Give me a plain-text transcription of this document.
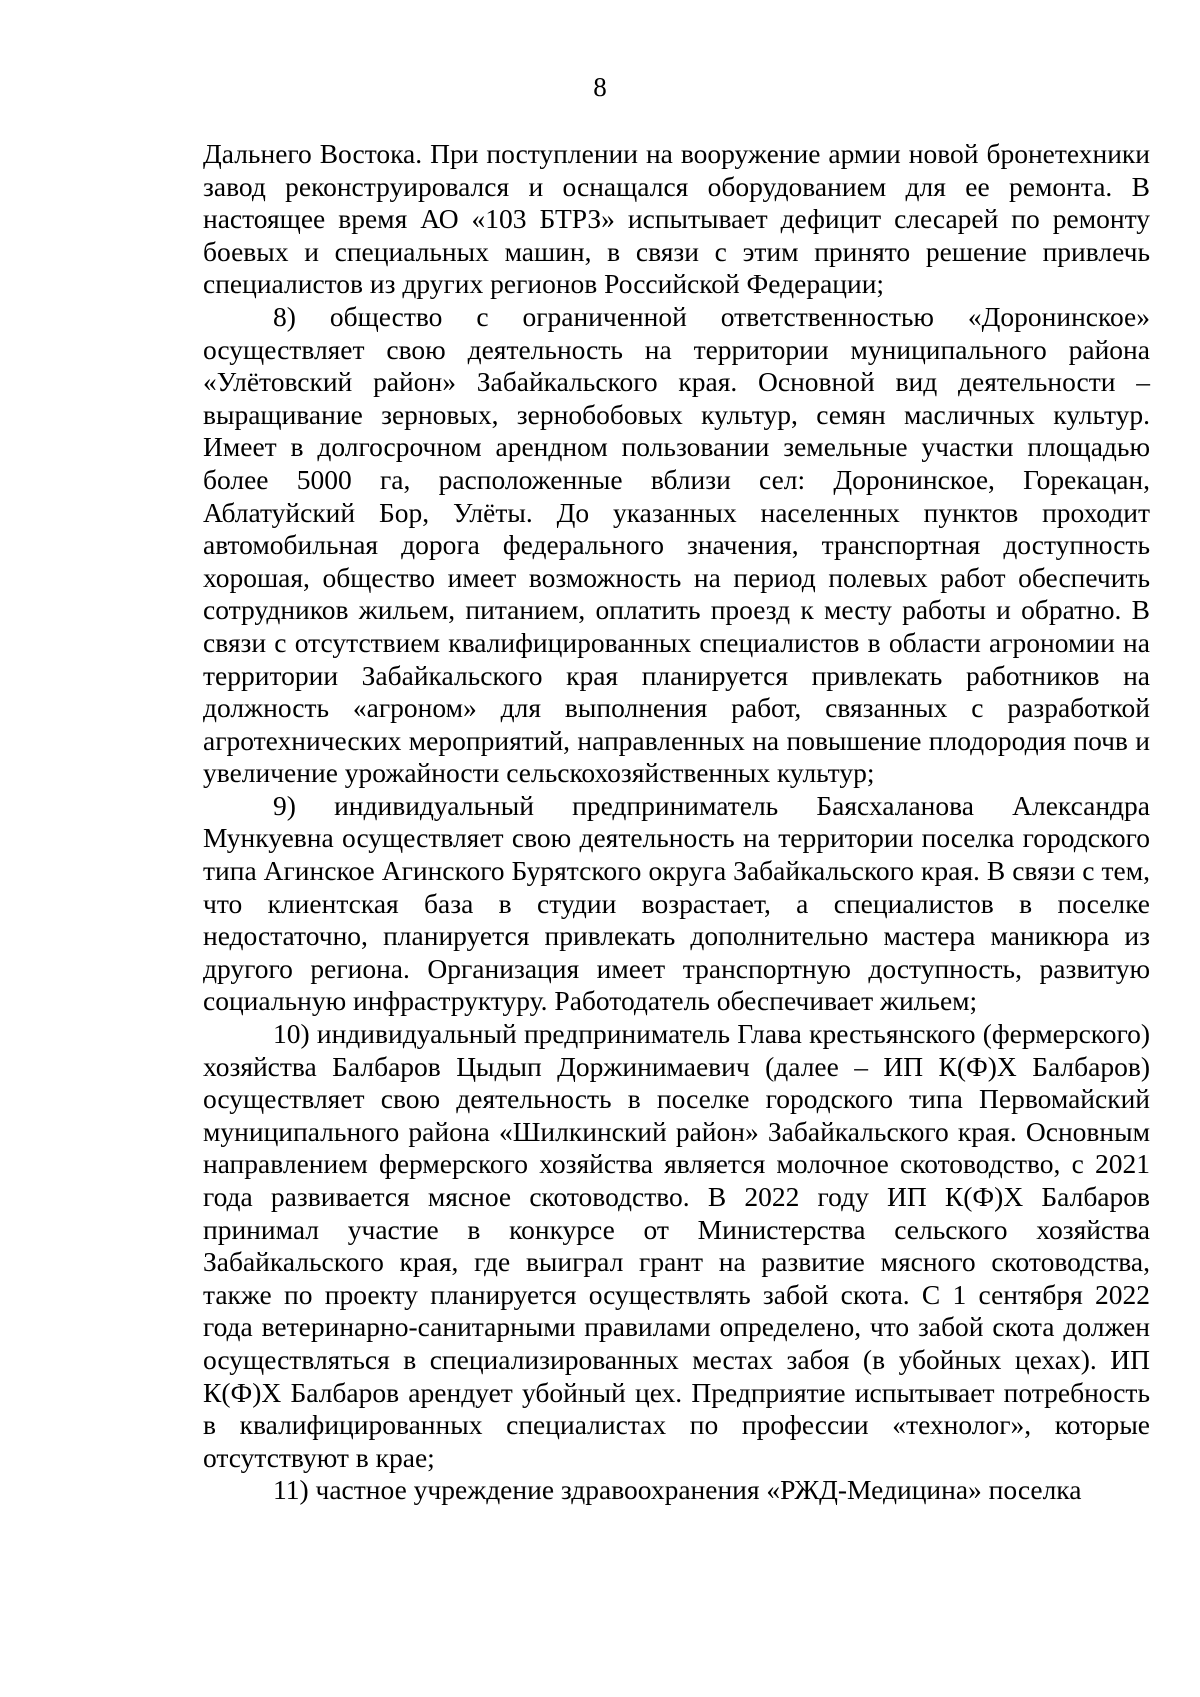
8

Дальнего Востока. При поступлении на вооружение армии новой бронетехники завод реконструировался и оснащался оборудованием для ее ремонта. В настоящее время АО «103 БТРЗ» испытывает дефицит слесарей по ремонту боевых и специальных машин, в связи с этим принято решение привлечь специалистов из других регионов Российской Федерации;

8) общество с ограниченной ответственностью «Доронинское» осуществляет свою деятельность на территории муниципального района «Улётовский район» Забайкальского края. Основной вид деятельности – выращивание зерновых, зернобобовых культур, семян масличных культур. Имеет в долгосрочном арендном пользовании земельные участки площадью более 5000 га, расположенные вблизи сел: Доронинское, Горекацан, Аблатуйский Бор, Улёты. До указанных населенных пунктов проходит автомобильная дорога федерального значения, транспортная доступность хорошая, общество имеет возможность на период полевых работ обеспечить сотрудников жильем, питанием, оплатить проезд к месту работы и обратно. В связи с отсутствием квалифицированных специалистов в области агрономии на территории Забайкальского края планируется привлекать работников на должность «агроном» для выполнения работ, связанных с разработкой агротехнических мероприятий, направленных на повышение плодородия почв и увеличение урожайности сельскохозяйственных культур;

9) индивидуальный предприниматель Баясхаланова Александра Мункуевна осуществляет свою деятельность на территории поселка городского типа Агинское Агинского Бурятского округа Забайкальского края. В связи с тем, что клиентская база в студии возрастает, а специалистов в поселке недостаточно, планируется привлекать дополнительно мастера маникюра из другого региона. Организация имеет транспортную доступность, развитую социальную инфраструктуру. Работодатель обеспечивает жильем;

10) индивидуальный предприниматель Глава крестьянского (фермерского) хозяйства Балбаров Цыдып Доржинимаевич (далее – ИП К(Ф)Х Балбаров) осуществляет свою деятельность в поселке городского типа Первомайский муниципального района «Шилкинский район» Забайкальского края. Основным направлением фермерского хозяйства является молочное скотоводство, с 2021 года развивается мясное скотоводство. В 2022 году ИП К(Ф)Х Балбаров принимал участие в конкурсе от Министерства сельского хозяйства Забайкальского края, где выиграл грант на развитие мясного скотоводства, также по проекту планируется осуществлять забой скота. С 1 сентября 2022 года ветеринарно-санитарными правилами определено, что забой скота должен осуществляться в специализированных местах забоя (в убойных цехах). ИП К(Ф)Х Балбаров арендует убойный цех. Предприятие испытывает потребность в квалифицированных специалистах по профессии «технолог», которые отсутствуют в крае;

11) частное учреждение здравоохранения «РЖД-Медицина» поселка
